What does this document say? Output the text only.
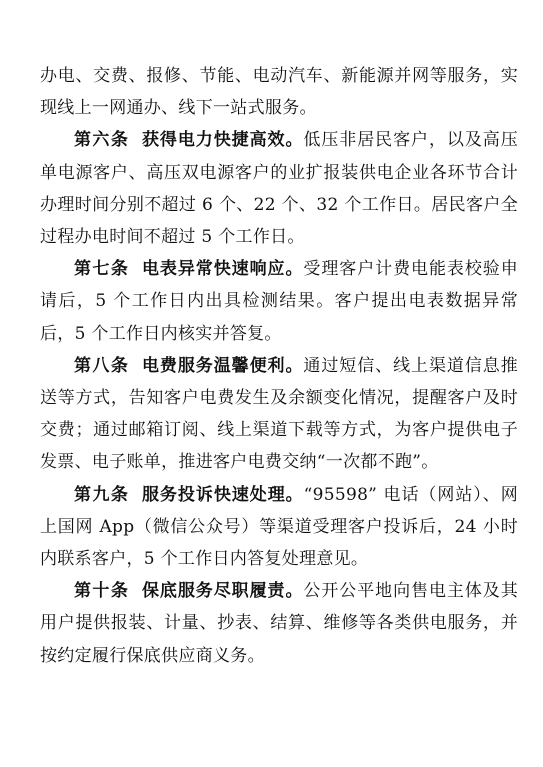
办电、交费、报修、节能、电动汽车、新能源并网等服务，实现线上一网通办、线下一站式服务。

第六条 获得电力快捷高效。低压非居民客户，以及高压单电源客户、高压双电源客户的业扩报装供电企业各环节合计办理时间分别不超过 6 个、22 个、32 个工作日。居民客户全过程办电时间不超过 5 个工作日。

第七条 电表异常快速响应。受理客户计费电能表校验申请后，5 个工作日内出具检测结果。客户提出电表数据异常后，5 个工作日内核实并答复。

第八条 电费服务温馨便利。通过短信、线上渠道信息推送等方式，告知客户电费发生及余额变化情况，提醒客户及时交费；通过邮箱订阅、线上渠道下载等方式，为客户提供电子发票、电子账单，推进客户电费交纳“一次都不跑”。

第九条 服务投诉快速处理。“95598” 电话（网站）、网上国网 App（微信公众号）等渠道受理客户投诉后，24 小时内联系客户，5 个工作日内答复处理意见。

第十条 保底服务尽职履责。公开公平地向售电主体及其用户提供报装、计量、抄表、结算、维修等各类供电服务，并按约定履行保底供应商义务。
